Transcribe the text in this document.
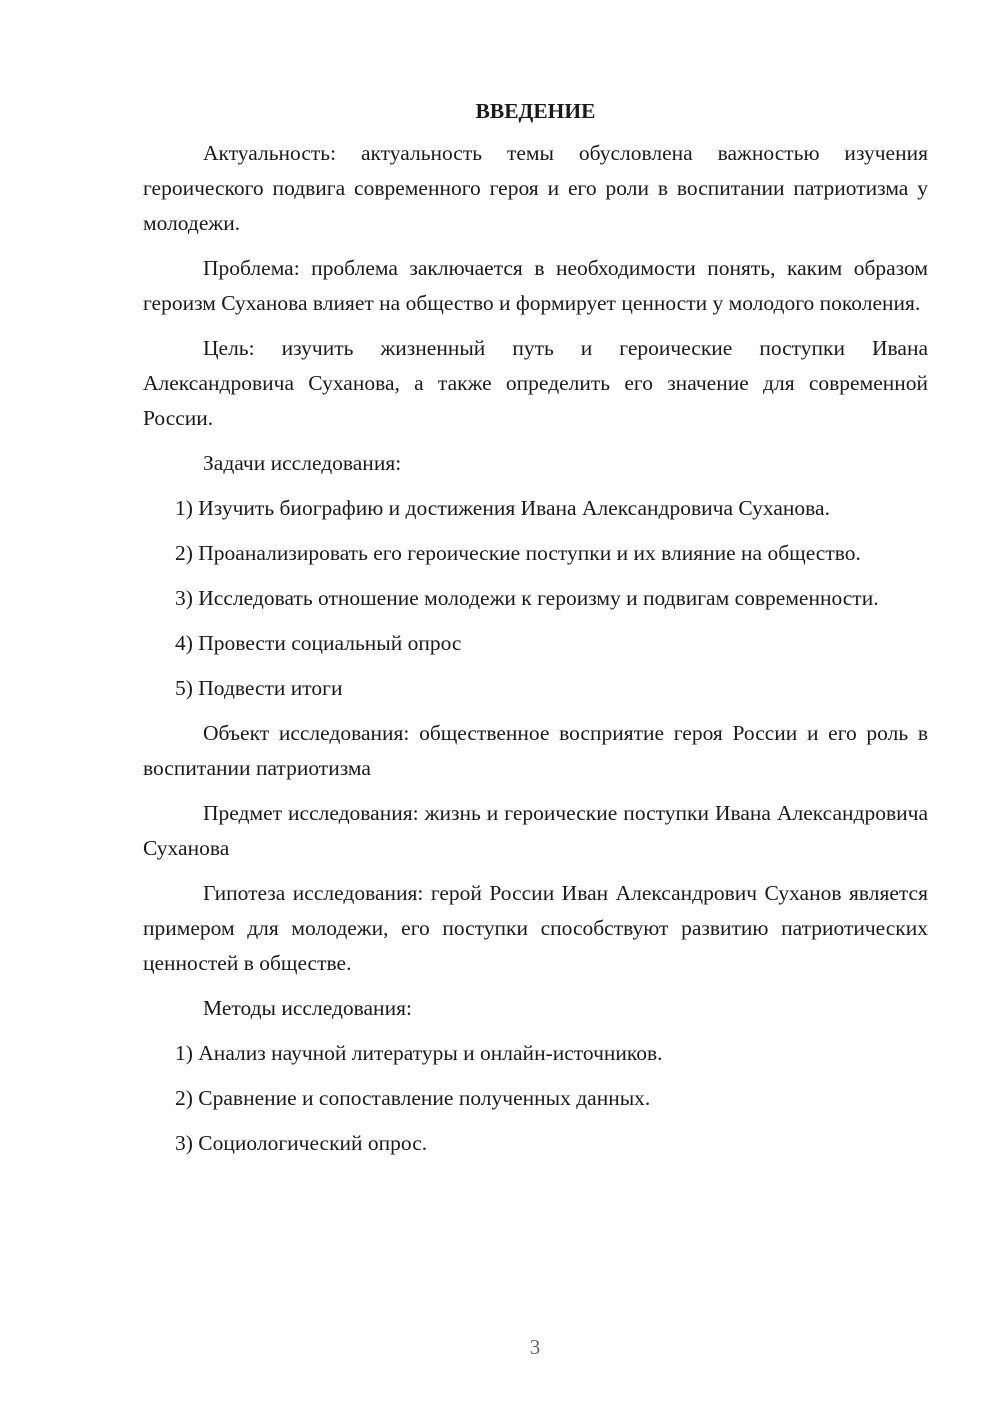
ВВЕДЕНИЕ

Актуальность: актуальность темы обусловлена важностью изучения героического подвига современного героя и его роли в воспитании патриотизма у молодежи.

Проблема: проблема заключается в необходимости понять, каким образом героизм Суханова влияет на общество и формирует ценности у молодого поколения.

Цель: изучить жизненный путь и героические поступки Ивана Александровича Суханова, а также определить его значение для современной России.

Задачи исследования:

1) Изучить биографию и достижения Ивана Александровича Суханова.

2) Проанализировать его героические поступки и их влияние на общество.

3) Исследовать отношение молодежи к героизму и подвигам современности.

4) Провести социальный опрос

5) Подвести итоги

Объект исследования: общественное восприятие героя России и его роль в воспитании патриотизма

Предмет исследования: жизнь и героические поступки Ивана Александровича Суханова

Гипотеза исследования: герой России Иван Александрович Суханов является примером для молодежи, его поступки способствуют развитию патриотических ценностей в обществе.

Методы исследования:

1) Анализ научной литературы и онлайн-источников.

2) Сравнение и сопоставление полученных данных.

3) Социологический опрос.

3
